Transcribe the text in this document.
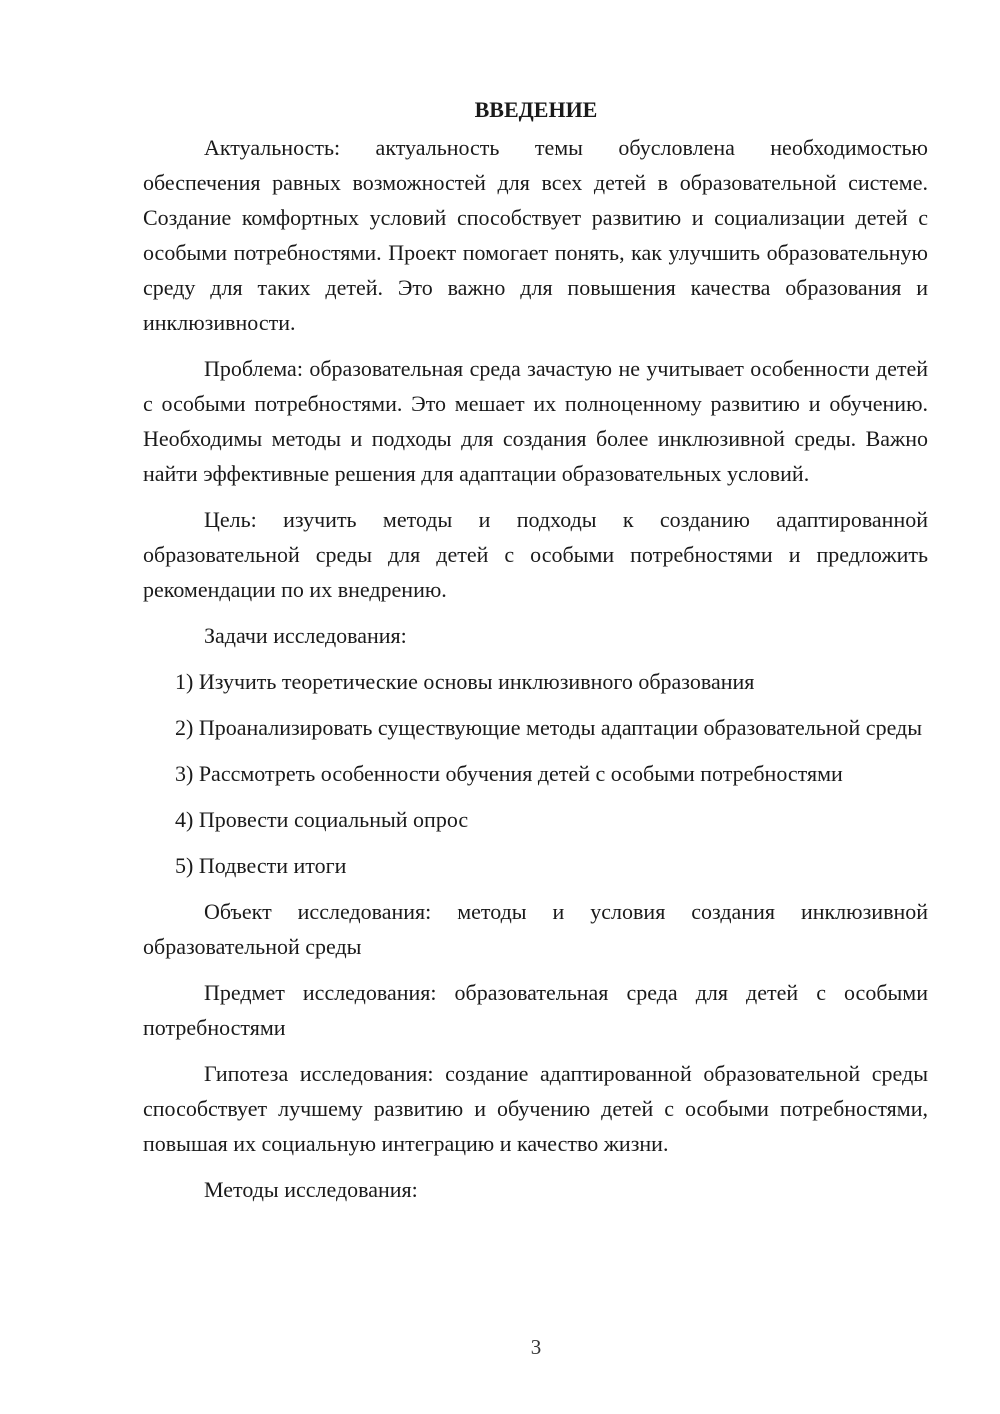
ВВЕДЕНИЕ

Актуальность: актуальность темы обусловлена необходимостью обеспечения равных возможностей для всех детей в образовательной системе. Создание комфортных условий способствует развитию и социализации детей с особыми потребностями. Проект помогает понять, как улучшить образовательную среду для таких детей. Это важно для повышения качества образования и инклюзивности.

Проблема: образовательная среда зачастую не учитывает особенности детей с особыми потребностями. Это мешает их полноценному развитию и обучению. Необходимы методы и подходы для создания более инклюзивной среды. Важно найти эффективные решения для адаптации образовательных условий.

Цель: изучить методы и подходы к созданию адаптированной образовательной среды для детей с особыми потребностями и предложить рекомендации по их внедрению.

Задачи исследования:

1) Изучить теоретические основы инклюзивного образования

2) Проанализировать существующие методы адаптации образовательной среды

3) Рассмотреть особенности обучения детей с особыми потребностями

4) Провести социальный опрос

5) Подвести итоги

Объект исследования: методы и условия создания инклюзивной образовательной среды

Предмет исследования: образовательная среда для детей с особыми потребностями

Гипотеза исследования: создание адаптированной образовательной среды способствует лучшему развитию и обучению детей с особыми потребностями, повышая их социальную интеграцию и качество жизни.

Методы исследования:

3
